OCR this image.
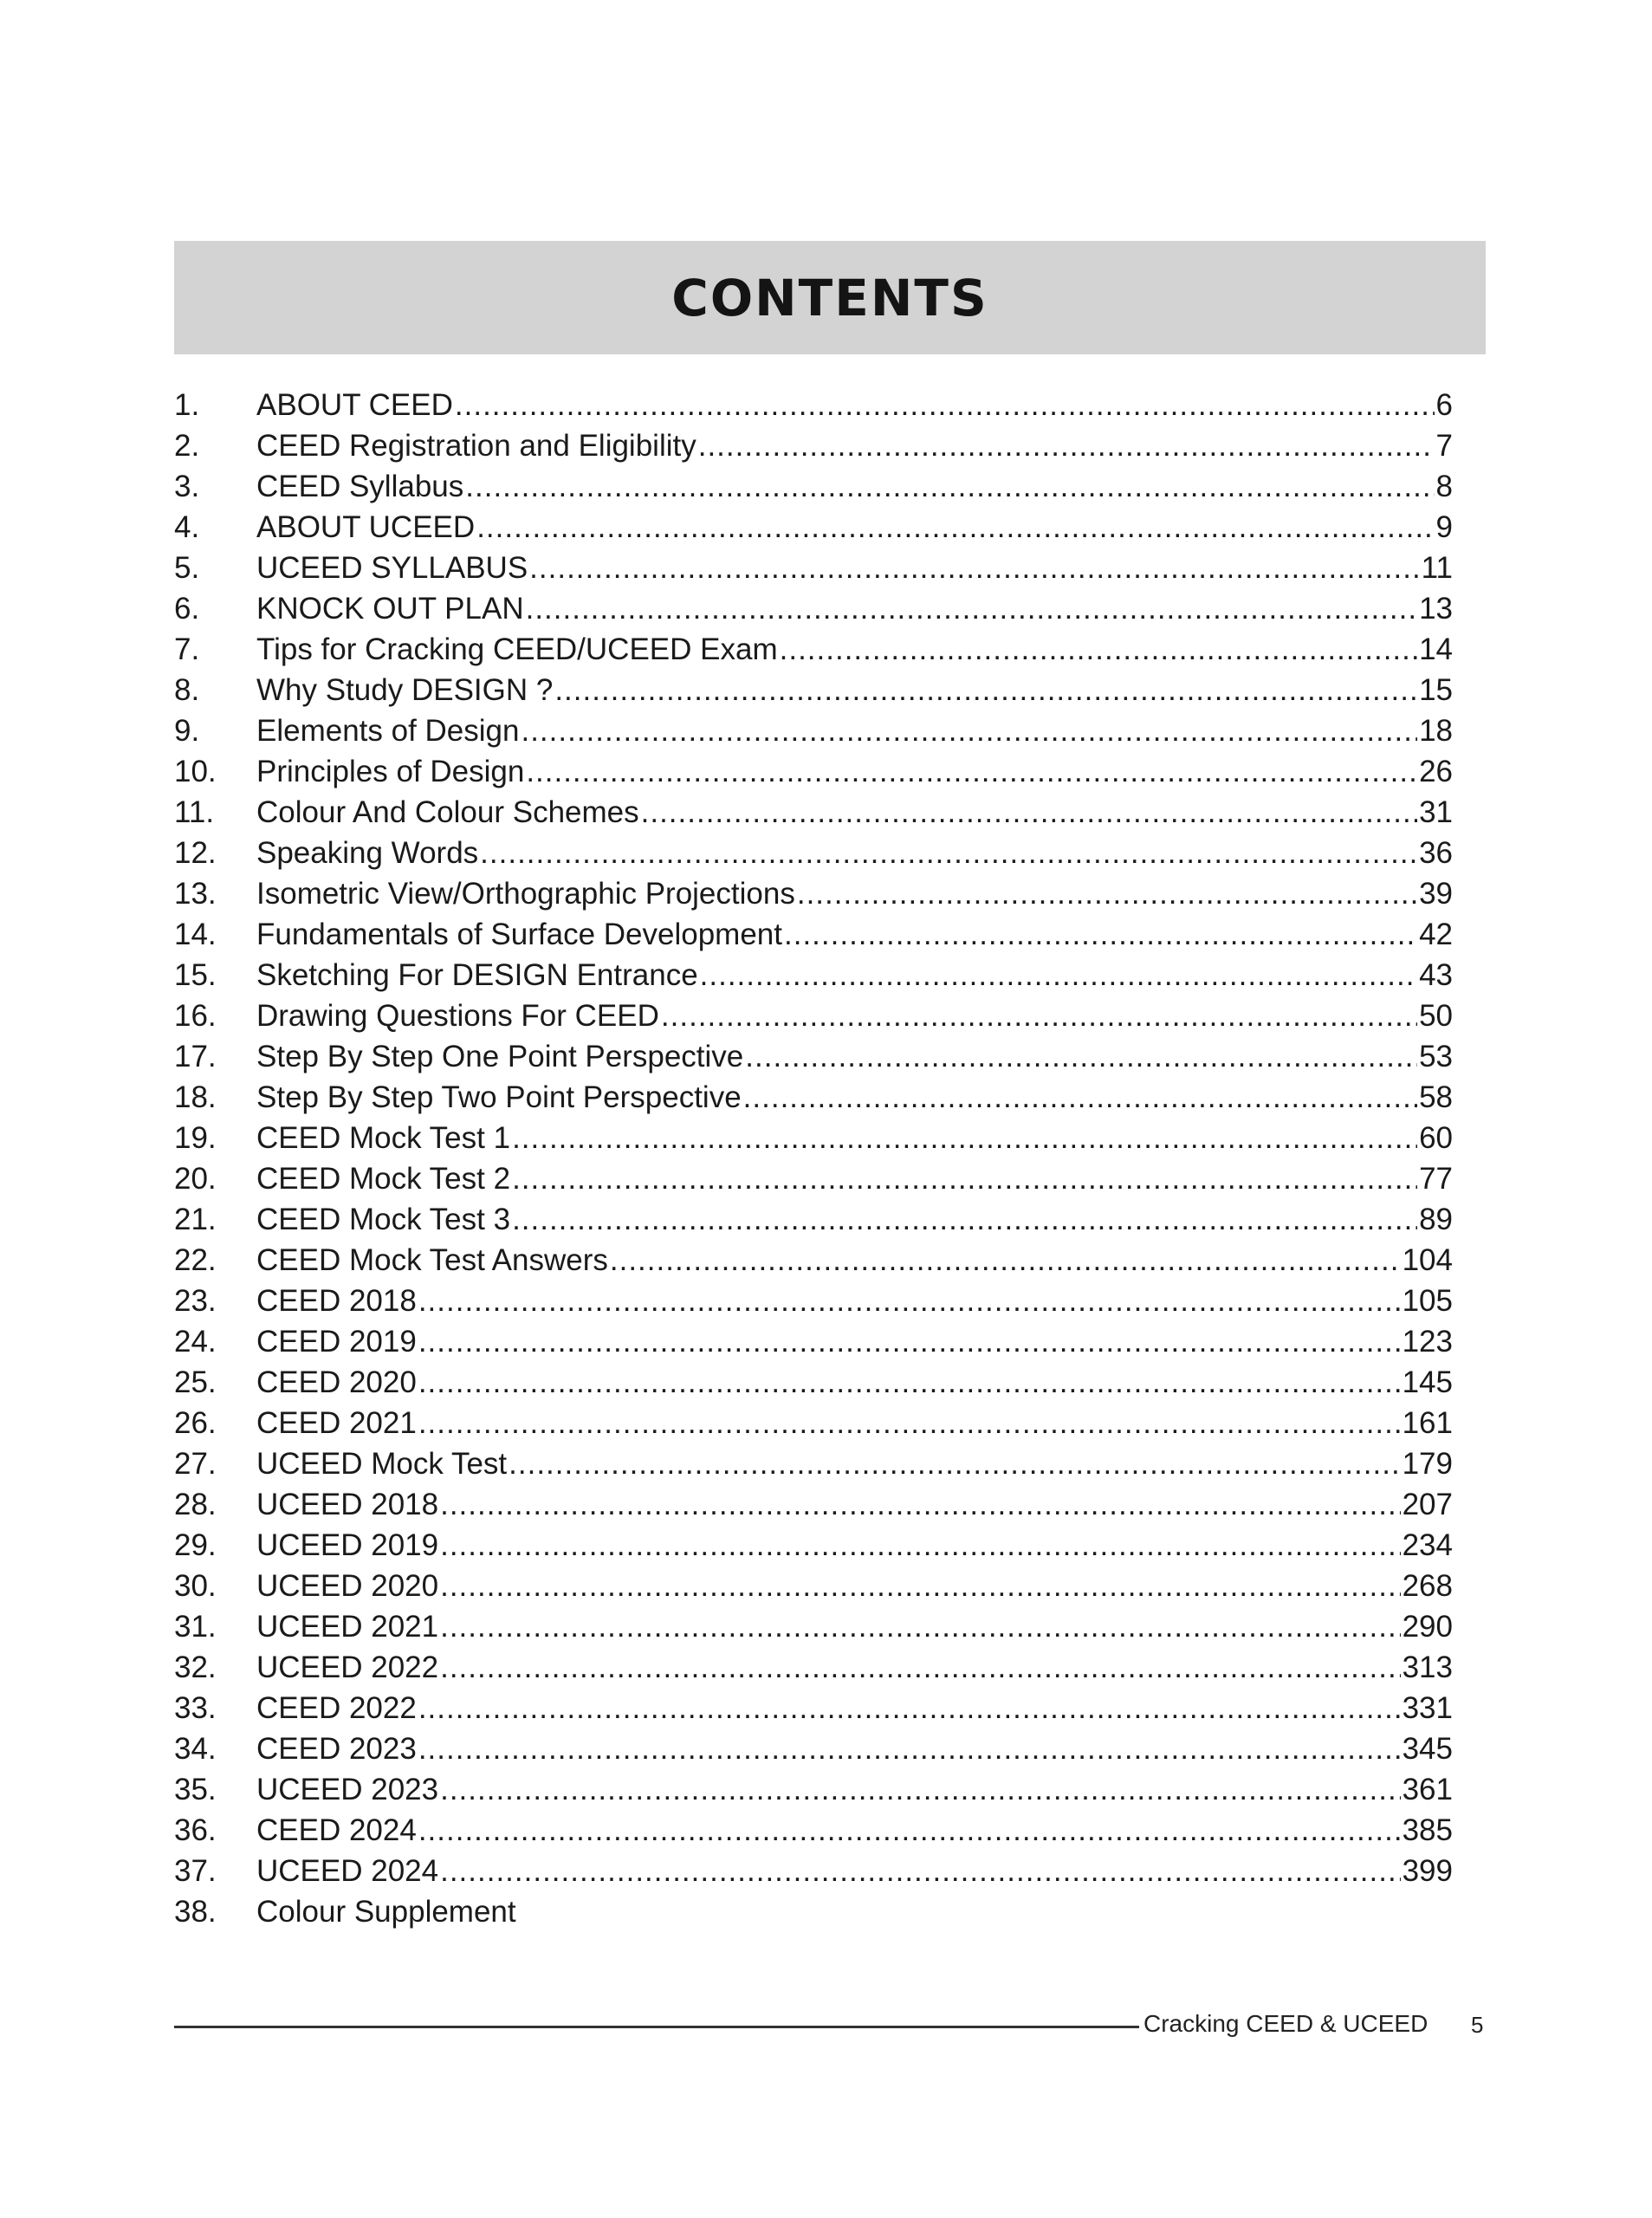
CONTENTS
1.	ABOUT CEED .....	6
2.	CEED Registration and Eligibility .....	7
3.	CEED Syllabus .....	8
4.	ABOUT UCEED .....	9
5.	UCEED SYLLABUS .....	11
6.	KNOCK OUT PLAN .....	13
7.	Tips for Cracking CEED/UCEED Exam .....	14
8.	Why Study DESIGN ? .....	15
9.	Elements of Design .....	18
10.	Principles of Design .....	26
11.	Colour And Colour Schemes .....	31
12.	Speaking Words .....	36
13.	Isometric View/Orthographic Projections .....	39
14.	Fundamentals of Surface Development .....	42
15.	Sketching For DESIGN Entrance .....	43
16.	Drawing Questions For CEED .....	50
17.	Step By Step One Point Perspective .....	53
18.	Step By Step Two Point Perspective .....	58
19.	CEED Mock Test 1 .....	60
20.	CEED Mock Test 2 .....	77
21.	CEED Mock Test 3 .....	89
22.	CEED Mock Test Answers .....	104
23.	CEED 2018 .....	105
24.	CEED 2019 .....	123
25.	CEED 2020 .....	145
26.	CEED 2021 .....	161
27.	UCEED Mock Test .....	179
28.	UCEED 2018 .....	207
29.	UCEED 2019 .....	234
30.	UCEED 2020 .....	268
31.	UCEED 2021 .....	290
32.	UCEED 2022 .....	313
33.	CEED 2022 .....	331
34.	CEED 2023 .....	345
35.	UCEED 2023 .....	361
36.	CEED 2024 .....	385
37.	UCEED 2024 .....	399
38.	Colour Supplement
Cracking CEED & UCEED 5
